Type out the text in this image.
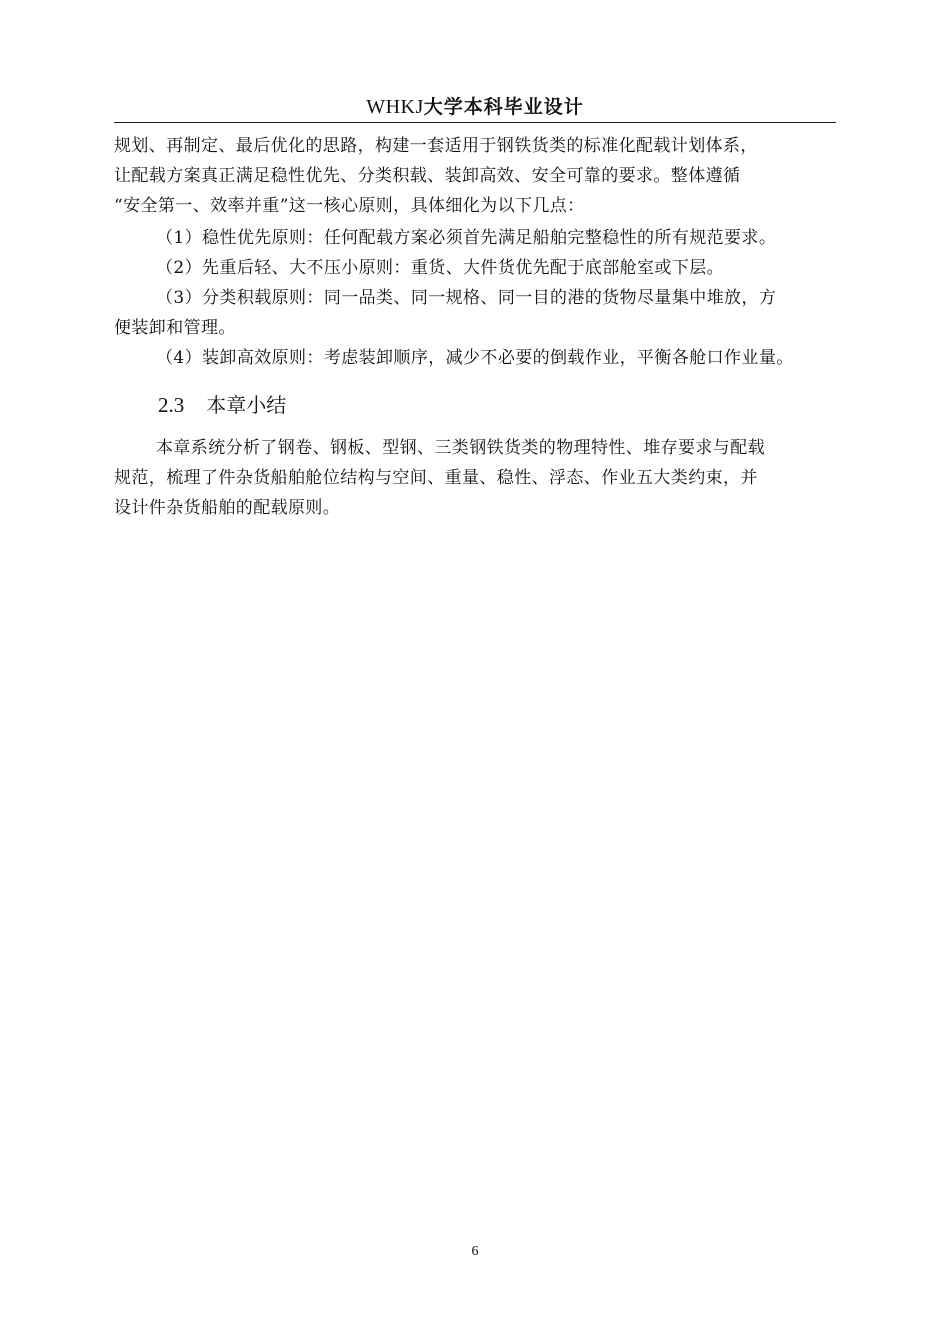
WHKJ大学本科毕业设计
规划、再制定、最后优化的思路，构建一套适用于钢铁货类的标准化配载计划体系，
让配载方案真正满足稳性优先、分类积载、装卸高效、安全可靠的要求。整体遵循
“安全第一、效率并重”这一核心原则，具体细化为以下几点：
（1）稳性优先原则：任何配载方案必须首先满足船舶完整稳性的所有规范要求。
（2）先重后轻、大不压小原则：重货、大件货优先配于底部舱室或下层。
（3）分类积载原则：同一品类、同一规格、同一目的港的货物尽量集中堆放，方
便装卸和管理。
（4）装卸高效原则：考虑装卸顺序，减少不必要的倒载作业，平衡各舱口作业量。
2.3 本章小结
本章系统分析了钢卷、钢板、型钢、三类钢铁货类的物理特性、堆存要求与配载
规范，梳理了件杂货船舶舱位结构与空间、重量、稳性、浮态、作业五大类约束，并
设计件杂货船舶的配载原则。
6
